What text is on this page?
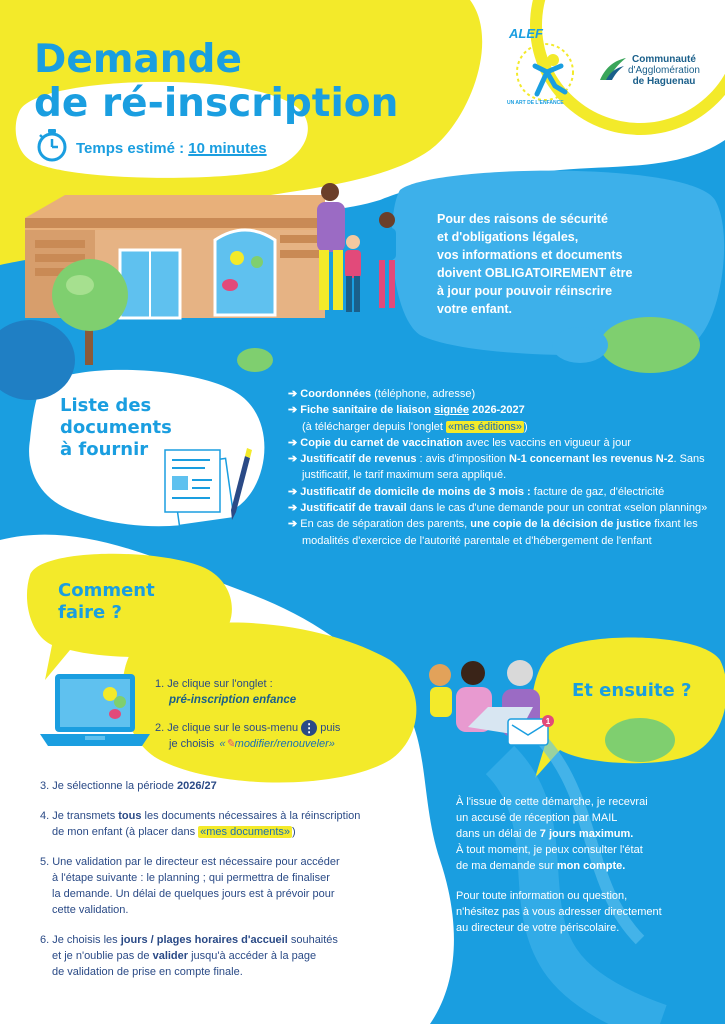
Demande
de ré-inscription
Temps estimé : 10 minutes
ALEF
UN ART DE L'ENFANCE
Communauté
d'Agglomération
de Haguenau
Pour des raisons de sécurité
et d'obligations légales,
vos informations et documents
doivent OBLIGATOIREMENT être
à jour pour pouvoir réinscrire
votre enfant.
Liste des
documents
à fournir

➔ Coordonnées (téléphone, adresse)

➔ Fiche sanitaire de liaison signée 2026-2027
(à télécharger depuis l'onglet «mes éditions» )

➔ Copie du carnet de vaccination avec les vaccins en vigueur à jour

➔ Justificatif de revenus : avis d'imposition N-1 concernant les revenus N-2. Sans justificatif, le tarif maximum sera appliqué.

➔ Justificatif de domicile de moins de 3 mois : facture de gaz, d'électricité

➔ Justificatif de travail dans le cas d'une demande pour un contrat «selon planning»

➔ En cas de séparation des parents, une copie de la décision de justice fixant les modalités d'exercice de l'autorité parentale et d'hébergement de l'enfant

Comment
faire ?

1. Je clique sur l'onglet :

pré-inscription enfance

2. Je clique sur le sous-menu ⋮ puis

je choisis «✎modifier/renouveler»

3. Je sélectionne la période 2026/27

4. Je transmets tous les documents nécessaires à la réinscription

de mon enfant (à placer dans «mes documents» )

5. Une validation par le directeur est nécessaire pour accéder

à l'étape suivante : le planning ; qui permettra de finaliser

la demande. Un délai de quelques jours est à prévoir pour

cette validation.

6. Je choisis les jours / plages horaires d'accueil souhaités

et je n'oublie pas de valider jusqu'à accéder à la page

de validation de prise en compte finale.

1
Et ensuite ?

À l'issue de cette démarche, je recevrai
un accusé de réception par MAIL
dans un délai de 7 jours maximum.
À tout moment, je peux consulter l'état
de ma demande sur mon compte.

Pour toute information ou question,
n'hésitez pas à vous adresser directement
au directeur de votre périscolaire.
